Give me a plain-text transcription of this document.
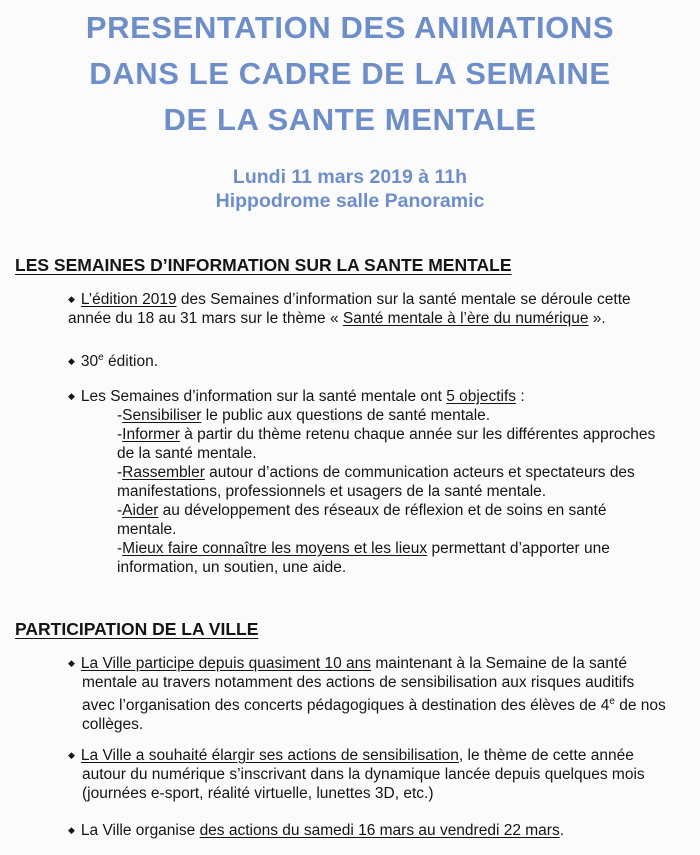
PRESENTATION DES ANIMATIONS
DANS LE CADRE DE LA SEMAINE
DE LA SANTE MENTALE
Lundi 11 mars 2019 à 11h
Hippodrome salle Panoramic
LES SEMAINES D’INFORMATION SUR LA SANTE MENTALE
◆ L’édition 2019 des Semaines d’information sur la santé mentale se déroule cette
année du 18 au 31 mars sur le thème « Santé mentale à l’ère du numérique ».
◆ 30e édition.
◆ Les Semaines d’information sur la santé mentale ont 5 objectifs :
-Sensibiliser le public aux questions de santé mentale.
-Informer à partir du thème retenu chaque année sur les différentes approches
de la santé mentale.
-Rassembler autour d’actions de communication acteurs et spectateurs des
manifestations, professionnels et usagers de la santé mentale.
-Aider au développement des réseaux de réflexion et de soins en santé
mentale.
-Mieux faire connaître les moyens et les lieux permettant d’apporter une
information, un soutien, une aide.
PARTICIPATION DE LA VILLE
◆ La Ville participe depuis quasiment 10 ans maintenant à la Semaine de la santé
mentale au travers notamment des actions de sensibilisation aux risques auditifs
avec l’organisation des concerts pédagogiques à destination des élèves de 4e de nos
collèges.
◆ La Ville a souhaité élargir ses actions de sensibilisation, le thème de cette année
autour du numérique s’inscrivant dans la dynamique lancée depuis quelques mois
(journées e-sport, réalité virtuelle, lunettes 3D, etc.)
◆ La Ville organise des actions du samedi 16 mars au vendredi 22 mars.
